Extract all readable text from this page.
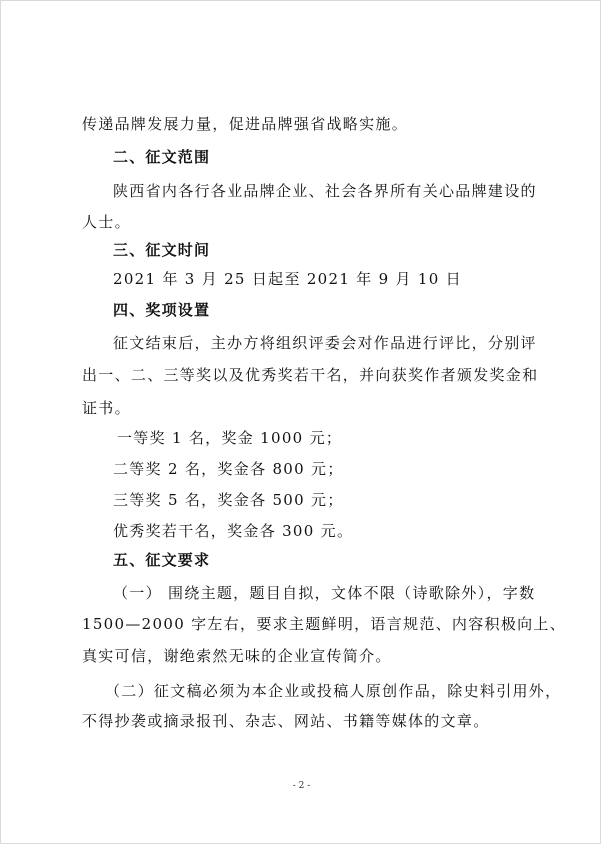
传递品牌发展力量，促进品牌强省战略实施。
二、征文范围
陕西省内各行各业品牌企业、社会各界所有关心品牌建设的
人士。
三、征文时间
2021 年 3 月 25 日起至 2021 年 9 月 10 日
四、奖项设置
征文结束后，主办方将组织评委会对作品进行评比，分别评
出一、二、三等奖以及优秀奖若干名，并向获奖作者颁发奖金和
证书。
一等奖 1 名，奖金 1000 元；
二等奖 2 名，奖金各 800 元；
三等奖 5 名，奖金各 500 元；
优秀奖若干名，奖金各 300 元。
五、征文要求
（一） 围绕主题，题目自拟，文体不限（诗歌除外），字数
1500—2000 字左右，要求主题鲜明，语言规范、内容积极向上、
真实可信，谢绝索然无味的企业宣传简介。
（二）征文稿必须为本企业或投稿人原创作品，除史料引用外，
不得抄袭或摘录报刊、杂志、网站、书籍等媒体的文章。
- 2 -
